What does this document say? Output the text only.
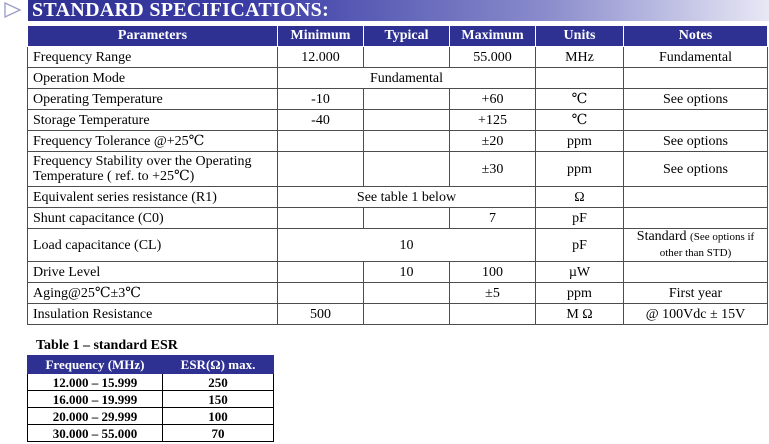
STANDARD SPECIFICATIONS:
Parameters	Minimum	Typical	Maximum	Units	Notes
Frequency Range	12.000		55.000	MHz	Fundamental
Operation Mode	Fundamental				
Operating Temperature	-10		+60	℃	See options
Storage Temperature	-40		+125	℃	
Frequency Tolerance @+25℃			±20	ppm	See options
Frequency Stability over the Operating Temperature ( ref. to +25℃)			±30	ppm	See options
Equivalent series resistance (R1)	See table 1 below			Ω	
Shunt capacitance (C0)			7	pF	
Load capacitance (CL)	10			pF	Standard (See options if other than STD)
Drive Level		10	100	µW	
Aging@25℃±3℃			±5	ppm	First year
Insulation Resistance	500			M Ω	@ 100Vdc ± 15V
Table 1 – standard ESR
Frequency (MHz)	ESR(Ω) max.
12.000 – 15.999	250
16.000 – 19.999	150
20.000 – 29.999	100
30.000 – 55.000	70
